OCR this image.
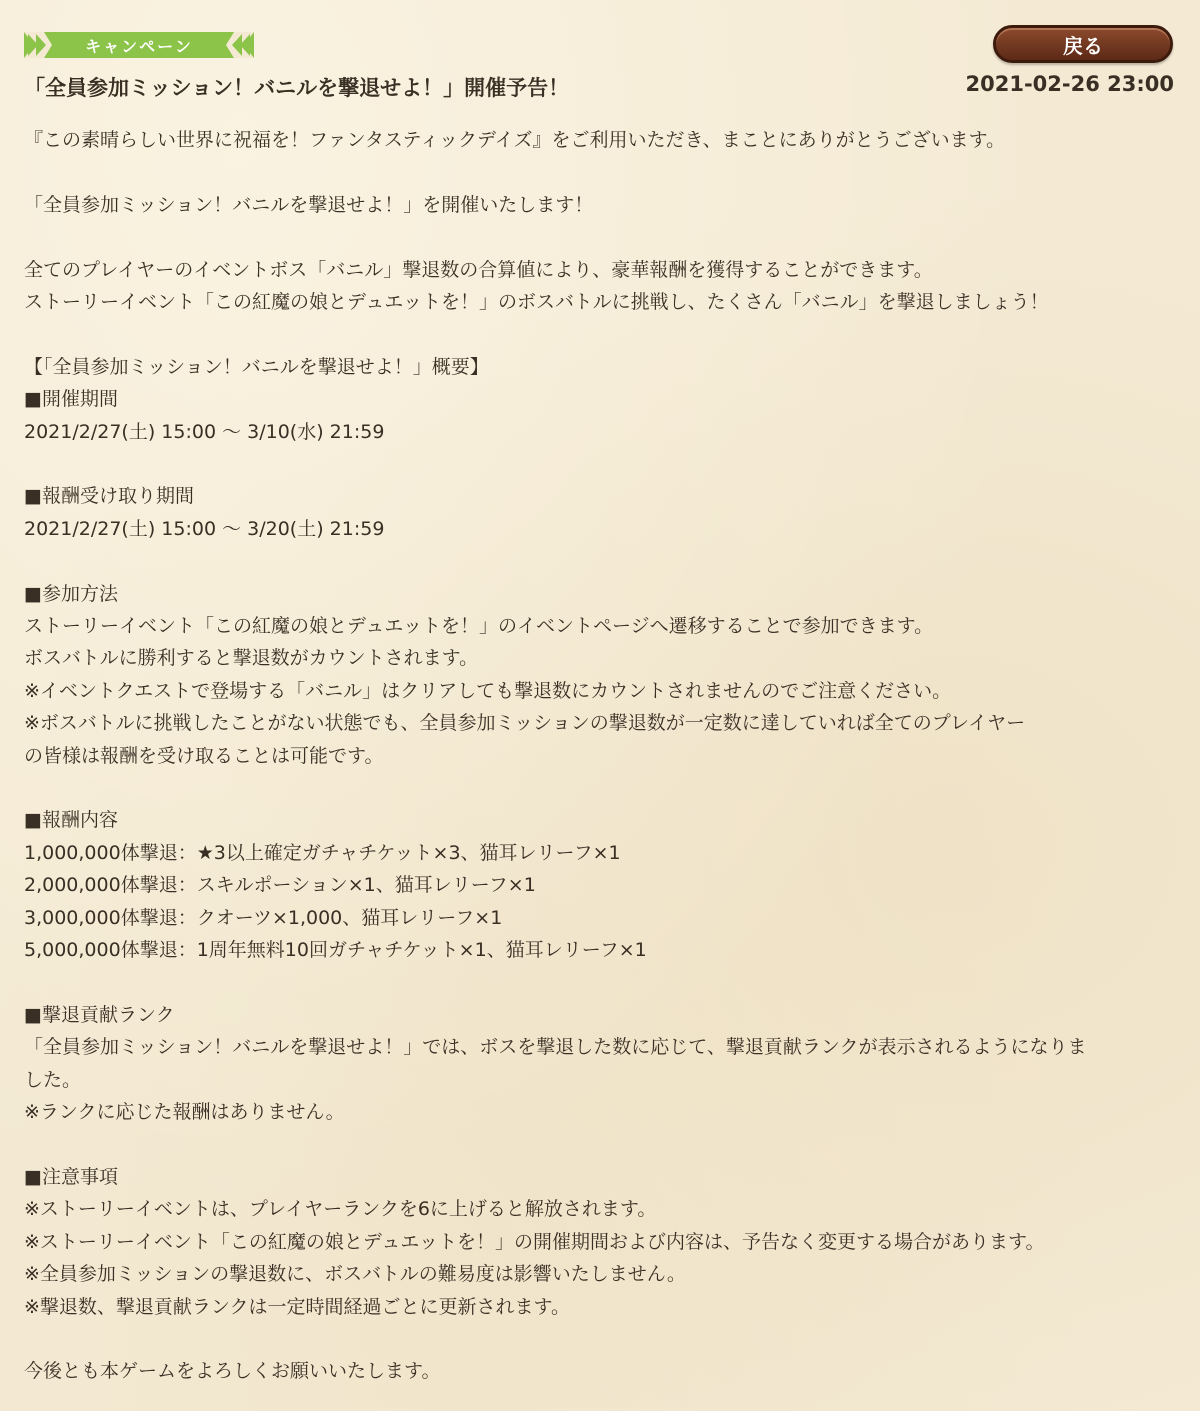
キャンペーン	戻る
「全員参加ミッション！バニルを撃退せよ！」開催予告！	2021-02-26 23:00

『この素晴らしい世界に祝福を！ファンタスティックデイズ』をご利用いただき、まことにありがとうございます。

「全員参加ミッション！バニルを撃退せよ！」を開催いたします！

全てのプレイヤーのイベントボス「バニル」撃退数の合算値により、豪華報酬を獲得することができます。

ストーリーイベント「この紅魔の娘とデュエットを！」のボスバトルに挑戦し、たくさん「バニル」を撃退しましょう！

【「全員参加ミッション！バニルを撃退せよ！」概要】

■開催期間

2021/2/27(土) 15:00 ～ 3/10(水) 21:59

■報酬受け取り期間

2021/2/27(土) 15:00 ～ 3/20(土) 21:59

■参加方法

ストーリーイベント「この紅魔の娘とデュエットを！」のイベントページへ遷移することで参加できます。

ボスバトルに勝利すると撃退数がカウントされます。

※イベントクエストで登場する「バニル」はクリアしても撃退数にカウントされませんのでご注意ください。

※ボスバトルに挑戦したことがない状態でも、全員参加ミッションの撃退数が一定数に達していれば全てのプレイヤー

の皆様は報酬を受け取ることは可能です。

■報酬内容

1,000,000体撃退：★3以上確定ガチャチケット×3、猫耳レリーフ×1

2,000,000体撃退：スキルポーション×1、猫耳レリーフ×1

3,000,000体撃退：クオーツ×1,000、猫耳レリーフ×1

5,000,000体撃退：1周年無料10回ガチャチケット×1、猫耳レリーフ×1

■撃退貢献ランク

「全員参加ミッション！バニルを撃退せよ！」では、ボスを撃退した数に応じて、撃退貢献ランクが表示されるようになりま

した。

※ランクに応じた報酬はありません。

■注意事項

※ストーリーイベントは、プレイヤーランクを6に上げると解放されます。

※ストーリーイベント「この紅魔の娘とデュエットを！」の開催期間および内容は、予告なく変更する場合があります。

※全員参加ミッションの撃退数に、ボスバトルの難易度は影響いたしません。

※撃退数、撃退貢献ランクは一定時間経過ごとに更新されます。

今後とも本ゲームをよろしくお願いいたします。
